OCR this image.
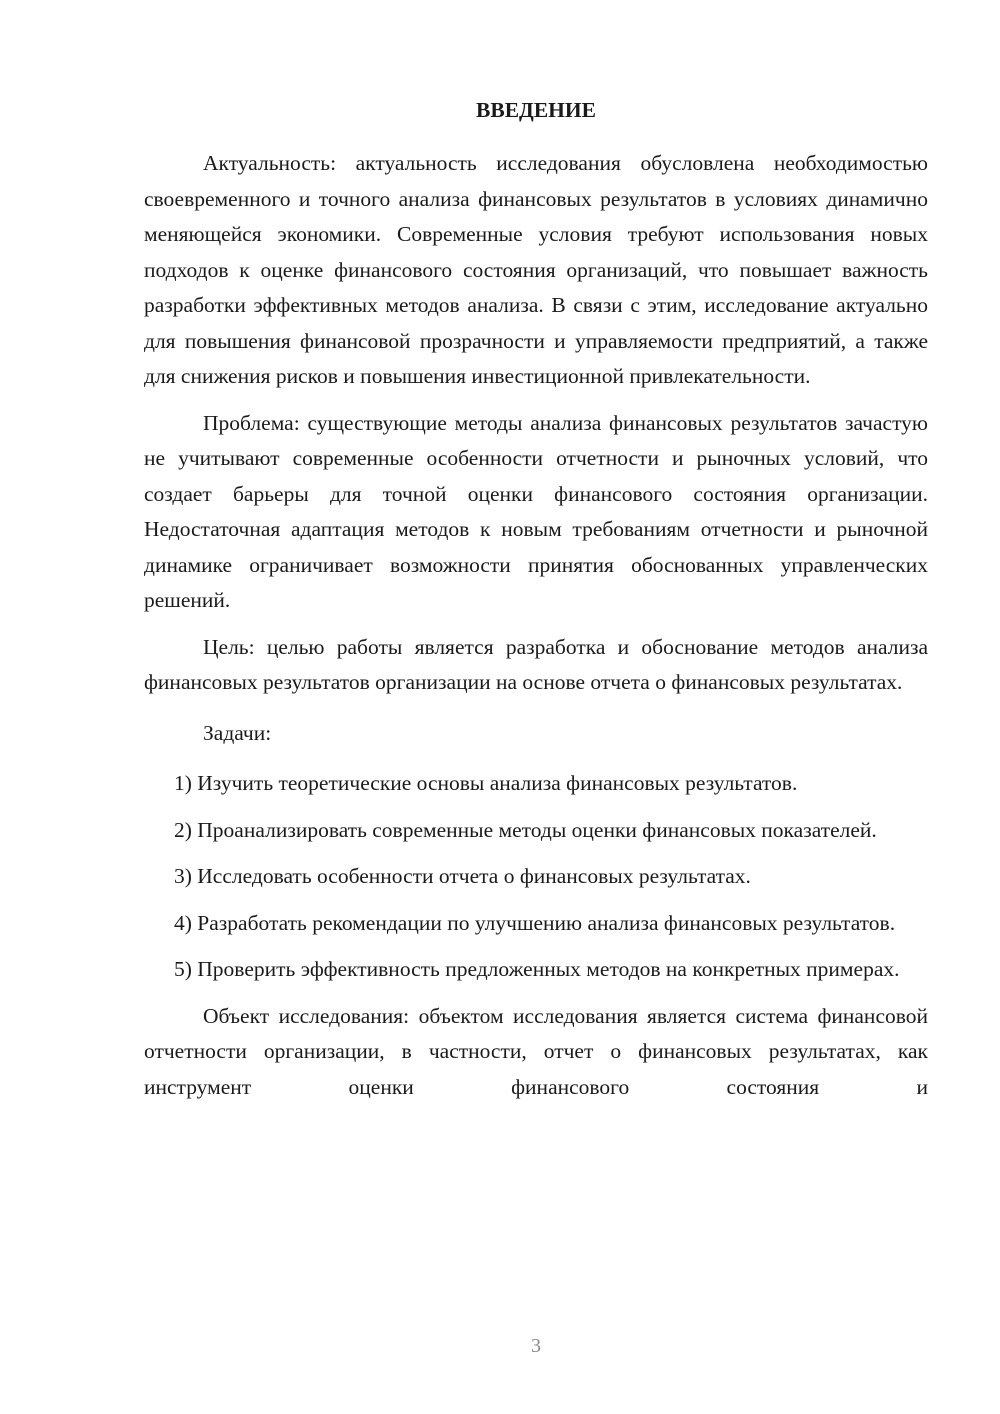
ВВЕДЕНИЕ

Актуальность: актуальность исследования обусловлена необходимостью своевременного и точного анализа финансовых результатов в условиях динамично меняющейся экономики. Современные условия требуют использования новых подходов к оценке финансового состояния организаций, что повышает важность разработки эффективных методов анализа. В связи с этим, исследование актуально для повышения финансовой прозрачности и управляемости предприятий, а также для снижения рисков и повышения инвестиционной привлекательности.

Проблема: существующие методы анализа финансовых результатов зачастую не учитывают современные особенности отчетности и рыночных условий, что создает барьеры для точной оценки финансового состояния организации. Недостаточная адаптация методов к новым требованиям отчетности и рыночной динамике ограничивает возможности принятия обоснованных управленческих решений.

Цель: целью работы является разработка и обоснование методов анализа финансовых результатов организации на основе отчета о финансовых результатах.

Задачи:

1) Изучить теоретические основы анализа финансовых результатов.

2) Проанализировать современные методы оценки финансовых показателей.

3) Исследовать особенности отчета о финансовых результатах.

4) Разработать рекомендации по улучшению анализа финансовых результатов.

5) Проверить эффективность предложенных методов на конкретных примерах.

Объект исследования: объектом исследования является система финансовой отчетности организации, в частности, отчет о финансовых результатах, как инструмент оценки финансового состояния и

3
